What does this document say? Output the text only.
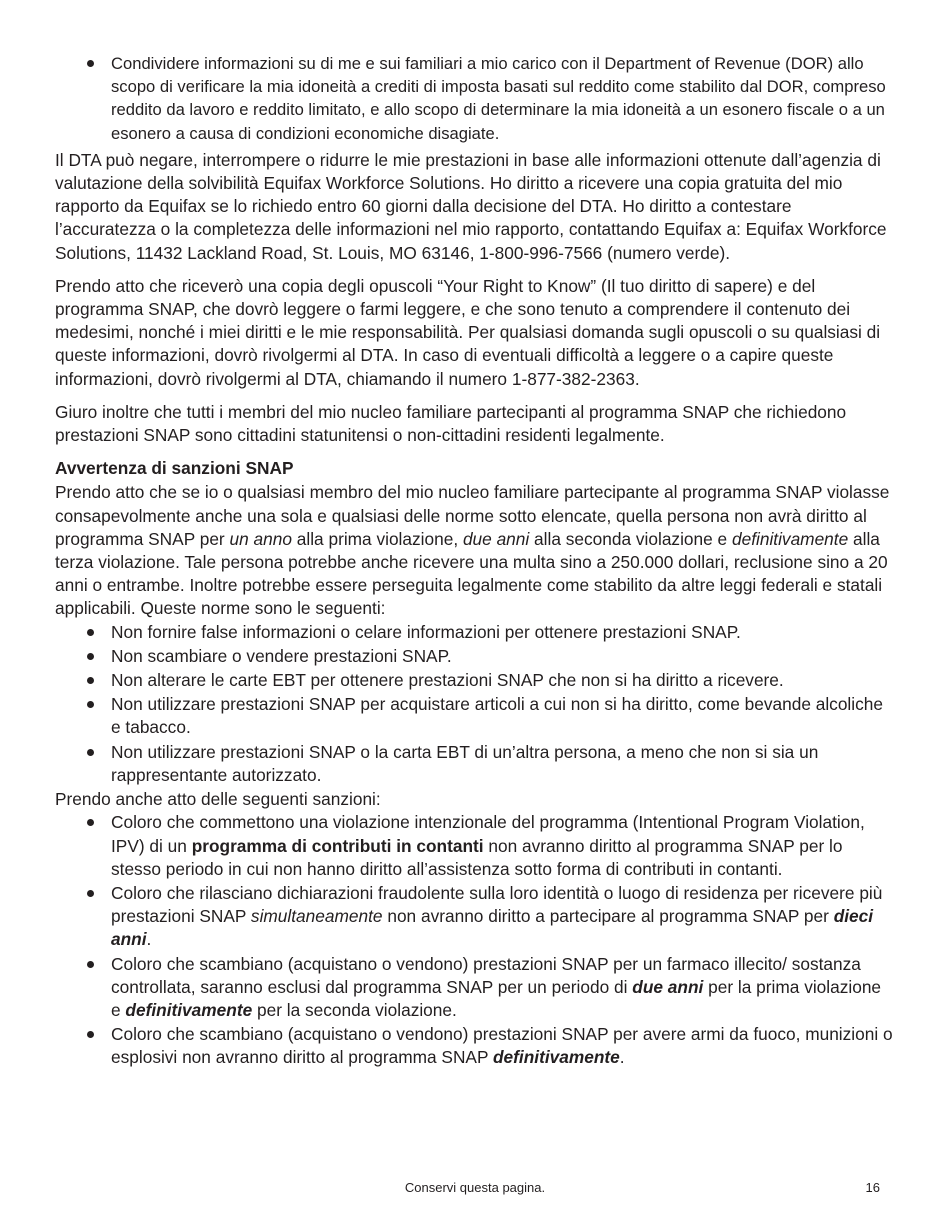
Condividere informazioni su di me e sui familiari a mio carico con il Department of Revenue (DOR) allo scopo di verificare la mia idoneità a crediti di imposta basati sul reddito come stabilito dal DOR, compreso reddito da lavoro e reddito limitato, e allo scopo di determinare la mia idoneità a un esonero fiscale o a un esonero a causa di condizioni economiche disagiate.

Il DTA può negare, interrompere o ridurre le mie prestazioni in base alle informazioni ottenute dall’agenzia di valutazione della solvibilità Equifax Workforce Solutions. Ho diritto a ricevere una copia gratuita del mio rapporto da Equifax se lo richiedo entro 60 giorni dalla decisione del DTA. Ho diritto a contestare l’accuratezza o la completezza delle informazioni nel mio rapporto, contattando Equifax a: Equifax Workforce Solutions, 11432 Lackland Road, St. Louis, MO 63146, 1-800-996-7566 (numero verde).

Prendo atto che riceverò una copia degli opuscoli “Your Right to Know” (Il tuo diritto di sapere) e del programma SNAP, che dovrò leggere o farmi leggere, e che sono tenuto a comprendere il contenuto dei medesimi, nonché i miei diritti e le mie responsabilità. Per qualsiasi domanda sugli opuscoli o su qualsiasi di queste informazioni, dovrò rivolgermi al DTA. In caso di eventuali difficoltà a leggere o a capire queste informazioni, dovrò rivolgermi al DTA, chiamando il numero 1-877-382-2363.

Giuro inoltre che tutti i membri del mio nucleo familiare partecipanti al programma SNAP che richiedono prestazioni SNAP sono cittadini statunitensi o non-cittadini residenti legalmente.

Avvertenza di sanzioni SNAP

Prendo atto che se io o qualsiasi membro del mio nucleo familiare partecipante al programma SNAP violasse consapevolmente anche una sola e qualsiasi delle norme sotto elencate, quella persona non avrà diritto al programma SNAP per un anno alla prima violazione, due anni alla seconda violazione e definitivamente alla terza violazione. Tale persona potrebbe anche ricevere una multa sino a 250.000 dollari, reclusione sino a 20 anni o entrambe. Inoltre potrebbe essere perseguita legalmente come stabilito da altre leggi federali e statali applicabili. Queste norme sono le seguenti:

Non fornire false informazioni o celare informazioni per ottenere prestazioni SNAP.
Non scambiare o vendere prestazioni SNAP.
Non alterare le carte EBT per ottenere prestazioni SNAP che non si ha diritto a ricevere.
Non utilizzare prestazioni SNAP per acquistare articoli a cui non si ha diritto, come bevande alcoliche e tabacco.
Non utilizzare prestazioni SNAP o la carta EBT di un’altra persona, a meno che non si sia un rappresentante autorizzato.

Prendo anche atto delle seguenti sanzioni:

Coloro che commettono una violazione intenzionale del programma (Intentional Program Violation, IPV) di un programma di contributi in contanti non avranno diritto al programma SNAP per lo stesso periodo in cui non hanno diritto all’assistenza sotto forma di contributi in contanti.
Coloro che rilasciano dichiarazioni fraudolente sulla loro identità o luogo di residenza per ricevere più prestazioni SNAP simultaneamente non avranno diritto a partecipare al programma SNAP per dieci anni.
Coloro che scambiano (acquistano o vendono) prestazioni SNAP per un farmaco illecito/ sostanza controllata, saranno esclusi dal programma SNAP per un periodo di due anni per la prima violazione e definitivamente per la seconda violazione.
Coloro che scambiano (acquistano o vendono) prestazioni SNAP per avere armi da fuoco, munizioni o esplosivi non avranno diritto al programma SNAP definitivamente.
Conservi questa pagina.	16
